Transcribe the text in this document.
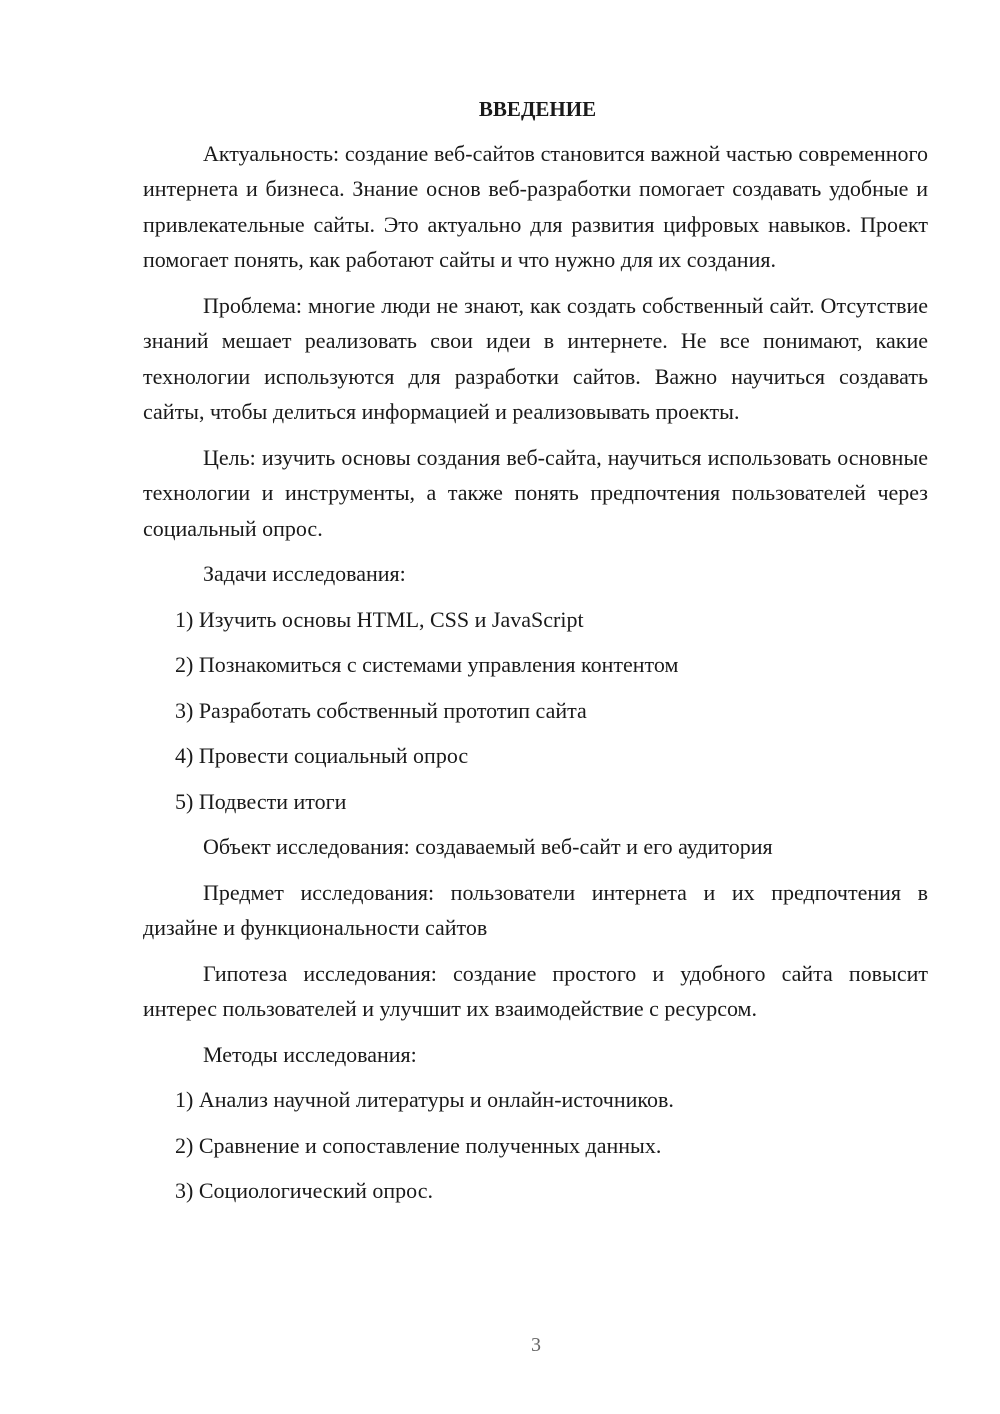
ВВЕДЕНИЕ

Актуальность: создание веб-сайтов становится важной частью современного интернета и бизнеса. Знание основ веб-разработки помогает создавать удобные и привлекательные сайты. Это актуально для развития цифровых навыков. Проект помогает понять, как работают сайты и что нужно для их создания.

Проблема: многие люди не знают, как создать собственный сайт. Отсутствие знаний мешает реализовать свои идеи в интернете. Не все понимают, какие технологии используются для разработки сайтов. Важно научиться создавать сайты, чтобы делиться информацией и реализовывать проекты.

Цель: изучить основы создания веб-сайта, научиться использовать основные технологии и инструменты, а также понять предпочтения пользователей через социальный опрос.

Задачи исследования:

1) Изучить основы HTML, CSS и JavaScript

2) Познакомиться с системами управления контентом

3) Разработать собственный прототип сайта

4) Провести социальный опрос

5) Подвести итоги

Объект исследования: создаваемый веб-сайт и его аудитория

Предмет исследования: пользователи интернета и их предпочтения в дизайне и функциональности сайтов

Гипотеза исследования: создание простого и удобного сайта повысит интерес пользователей и улучшит их взаимодействие с ресурсом.

Методы исследования:

1) Анализ научной литературы и онлайн-источников.

2) Сравнение и сопоставление полученных данных.

3) Социологический опрос.

3
